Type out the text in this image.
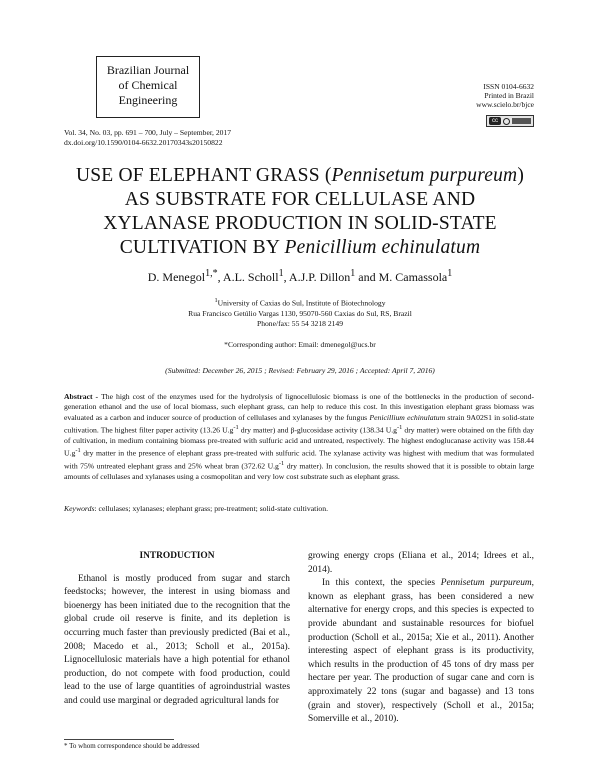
Brazilian Journal
of Chemical
Engineering
ISSN 0104-6632
Printed in Brazil
www.scielo.br/bjce
cc
Vol. 34, No. 03, pp. 691 – 700, July – September, 2017
dx.doi.org/10.1590/0104-6632.20170343s20150822
USE OF ELEPHANT GRASS (Pennisetum purpureum)
AS SUBSTRATE FOR CELLULASE AND
XYLANASE PRODUCTION IN SOLID-STATE
CULTIVATION BY Penicillium echinulatum
D. Menegol$^{1,*}$, A.L. Scholl$^1$, A.J.P. Dillon$^1$ and M. Camassola$^1$
$^1$University of Caxias do Sul, Institute of Biotechnology
Rua Francisco Getúlio Vargas 1130, 95070-560 Caxias do Sul, RS, Brazil
Phone/fax: 55 54 3218 2149
*Corresponding author: Email: dmenegol@ucs.br
(Submitted: December 26, 2015 ; Revised: February 29, 2016 ; Accepted: April 7, 2016)
Abstract - The high cost of the enzymes used for the hydrolysis of lignocellulosic biomass is one of the bottlenecks in the production of second-generation ethanol and the use of local biomass, such elephant grass, can help to reduce this cost. In this investigation elephant grass biomass was evaluated as a carbon and inducer source of production of cellulases and xylanases by the fungus Penicillium echinulatum strain 9A02S1 in solid-state cultivation. The highest filter paper activity (13.26 $U.g^{-1}$ dry matter) and β-glucosidase activity (138.34 $U.g^{-1}$ dry matter) were obtained on the fifth day of cultivation, in medium containing biomass pre-treated with sulfuric acid and untreated, respectively. The highest endoglucanase activity was 158.44 $U.g^{-1}$ dry matter in the presence of elephant grass pre-treated with sulfuric acid. The xylanase activity was highest with medium that was formulated with 75% untreated elephant grass and 25% wheat bran (372.62 $U.g^{-1}$ dry matter). In conclusion, the results showed that it is possible to obtain large amounts of cellulases and xylanases using a cosmopolitan and very low cost substrate such as elephant grass.
Keywords: cellulases; xylanases; elephant grass; pre-treatment; solid-state cultivation.
INTRODUCTION

Ethanol is mostly produced from sugar and starch feedstocks; however, the interest in using biomass and bioenergy has been initiated due to the recognition that the global crude oil reserve is finite, and its depletion is occurring much faster than previously predicted (Bai et al., 2008; Macedo et al., 2013; Scholl et al., 2015a). Lignocellulosic materials have a high potential for ethanol production, do not compete with food production, could lead to the use of large quantities of agroindustrial wastes and could use marginal or degraded agricultural lands for

growing energy crops (Eliana et al., 2014; Idrees et al., 2014).

In this context, the species Pennisetum purpureum, known as elephant grass, has been considered a new alternative for energy crops, and this species is expected to provide abundant and sustainable resources for biofuel production (Scholl et al., 2015a; Xie et al., 2011). Another interesting aspect of elephant grass is its productivity, which results in the production of 45 tons of dry mass per hectare per year. The production of sugar cane and corn is approximately 22 tons (sugar and bagasse) and 13 tons (grain and stover), respectively (Scholl et al., 2015a; Somerville et al., 2010).

* To whom correspondence should be addressed
